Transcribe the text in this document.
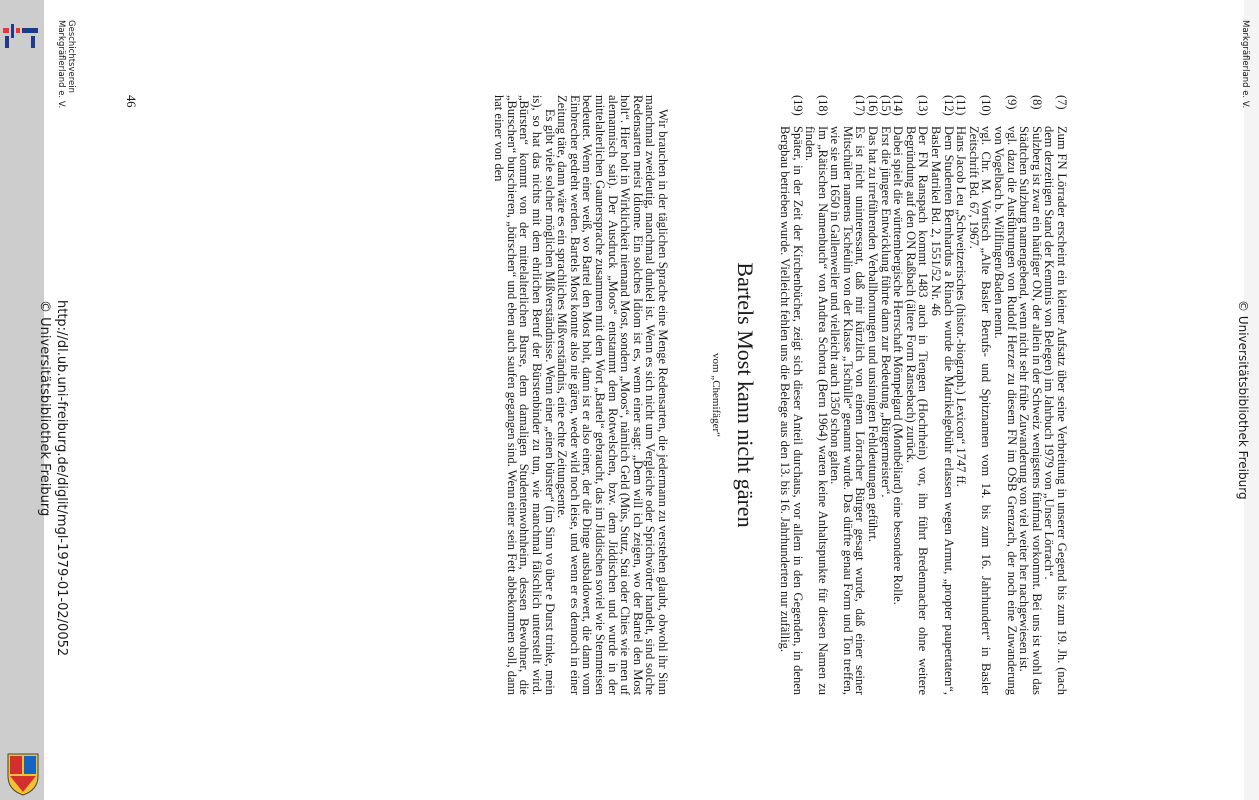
© Universitätsbibliothek Freiburg
Markgräflerland e. V.

(7)
Zum FN Lörrader erscheint ein kleiner Aufsatz über seine Verbreitung in unserer Gegend bis zum 19. Jh. (nach dem derzeitigen Stand der Kenntnis von Belegen) im Jahrbuch 1979 von „Unser Lörrach“.

(8)
Sulzberg ist zwar ein häufiger ON, der allein in der Schweiz wenigstens fünfmal vorkommt. Bei uns ist wohl das Städtchen Sulzburg namengebend, wenn nicht sehr frühe Zuwanderung von viel weiter her nachgewiesen ist.

(9)
vgl. dazu die Ausführungen von Rudolf Herzer zu diesem FN im OSB Grenzach, der noch eine Zuwanderung von Vogelbach b. Wilflingen/Baden nennt.

(10)
vgl. Chr. M. Vortisch „Alte Basler Berufs- und Spitznamen vom 14. bis zum 16. Jahrhundert“ in Basler Zeitschrift Bd. 67, 1967.

(11)
Hans Jacob Leu „Schweitzerisches (histor.-biograph.) Lexicon“ 1747 ff.

(12)
Dem Studenten Bernhardus a Rinach wurde die Matrikelgebühr erlassen wegen Armut, „propter paupertatem“, Basler Matrikel Bd. 2, 1551/52 Nr. 46

(13)
Der FN Ranspach kommt 1483 auch in Tiengen (Hochrhein) vor, ihn führt Bredenmacher ohne weitere Begründung auf den ON Raßbach (ältere Form Ransebach) zurück.

(14)
Dabei spielt die württembergische Herrschaft Mömpelgard (Montbéliard) eine besondere Rolle.

(15)
Erst die jüngere Entwicklung führte dann zur Bedeutung „Bürgermeister“.

(16)
Das hat zu irreführenden Verballhornungen und unsinnigen Fehldeutungen geführt.

(17)
Es ist nicht uninteressant, daß mir kürzlich von einem Lörracher Bürger gesagt wurde, daß einer seiner Mitschüler namens Tschéulin von der Klasse „Tschülle“ genannt wurde. Das dürfte genau Form und Ton treffen, wie sie um 1650 in Gallenweiler und vielleicht auch 1350 schon galten.

(18)
Im „Rätischen Namenbuch“ von Andrea Schorta (Bern 1964) waren keine Anhaltspunkte für diesen Namen zu finden.

(19)
Später, in der Zeit der Kirchenbücher, zeigt sich dieser Anteil durchaus, vor allem in den Gegenden, in denen Bergbau betrieben wurde. Vielleicht fehlen uns die Belege aus den 13. bis 16. Jahrhunderten nur zufällig.

Bartels Most kann nicht gären
vom „Chemifäger“

Wir brauchen in der täglichen Sprache eine Menge Redensarten, die jedermann zu verstehen glaubt, obwohl ihr Sinn manchmal zweideutig, manchmal dunkel ist. Wenn es sich nicht um Vergleiche oder Sprichwörter handelt, sind solche Redensarten meist Idiome. Ein solches Idiom ist es, wenn einer sagt: „Dem will ich zeigen, wo der Bartel den Most holt“. Hier holt in Wirklichkeit niemand Most, sondern „Moos“, nämlich Geld (Mùs, Stutz, Stai oder Chies wie men uf alemannisch sait). Der Ausdruck „Moos“ entstammt dem Rotwelschen, bzw. dem Jiddischen und wurde in der mittelalterlichen Gaunersprache zusammen mit dem Wort „Bartel“ gebraucht, das im Jiddischen soviel wie Stemmeisen bedeutet. Wenn einer weiß, wo Bartel den Most holt, dann ist er also einer, der die Dinge ausbaldowert, die dann vom Einbrecher gedreht werden. Bartels Most konnte also nie gären, weder wild noch leise, und wenn er es dennoch in einer Zeitung täte, dann wäre es ein sprachliches Mißverständnis, eine echte Zeitungsente.

Es gibt viele solcher möglichen Mißverständnisse. Wenn einer „einen bürster“ (im Sinn vo über e Durst trinke, mein is), so hat das nichts mit dem ehrlichen Beruf der Bürstenbinder zu tun, wie manchmal fälschlich unterstellt wird. „Bürsten“ kommt von der mittelalterlichen Burse, dem damaligen Studentenwohnheim, dessen Bewohner, die „Burschen“ burschieren, „bürschen“ und eben auch saufen gegangen sind. Wenn einer sein Fett abbekommen soll, dann hat einer von den

46
http://dl.ub.uni-freiburg.de/diglit/mgl-1979-01-02/0052
© Universitätsbibliothek Freiburg
Geschichtsverein
Markgräflerland e. V.
